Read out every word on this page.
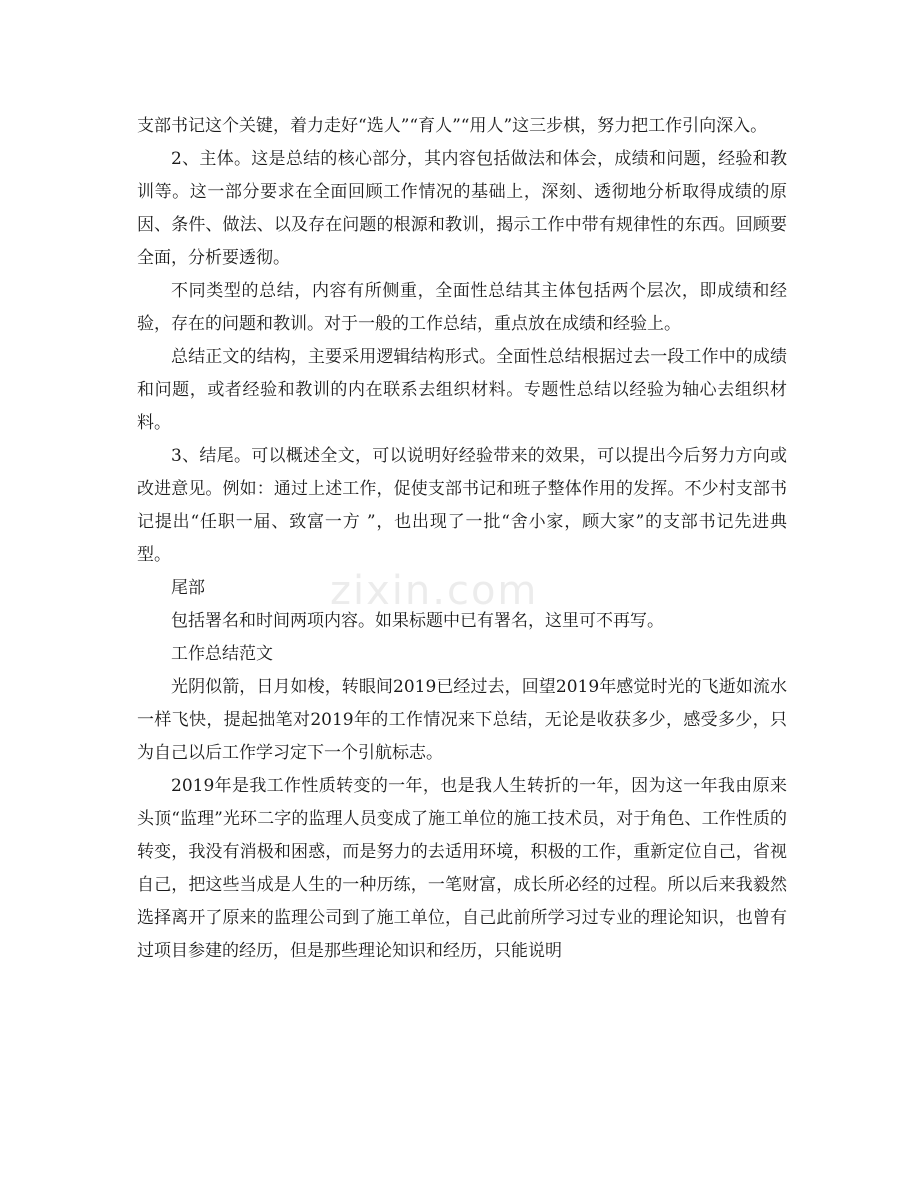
zixin.com

支部书记这个关键，着力走好“选人”“育人”“用人”这三步棋，努力把工作引向深入。

2、主体。这是总结的核心部分，其内容包括做法和体会，成绩和问题，经验和教训等。这一部分要求在全面回顾工作情况的基础上，深刻、透彻地分析取得成绩的原因、条件、做法、以及存在问题的根源和教训，揭示工作中带有规律性的东西。回顾要全面，分析要透彻。

不同类型的总结，内容有所侧重，全面性总结其主体包括两个层次，即成绩和经验，存在的问题和教训。对于一般的工作总结，重点放在成绩和经验上。

总结正文的结构，主要采用逻辑结构形式。全面性总结根据过去一段工作中的成绩和问题，或者经验和教训的内在联系去组织材料。专题性总结以经验为轴心去组织材料。

3、结尾。可以概述全文，可以说明好经验带来的效果，可以提出今后努力方向或改进意见。例如：通过上述工作，促使支部书记和班子整体作用的发挥。不少村支部书记提出“任职一届、致富一方 ”，也出现了一批“舍小家，顾大家”的支部书记先进典型。

尾部

包括署名和时间两项内容。如果标题中已有署名，这里可不再写。

工作总结范文

光阴似箭，日月如梭，转眼间2019已经过去，回望2019年感觉时光的飞逝如流水一样飞快，提起拙笔对2019年的工作情况来下总结，无论是收获多少，感受多少，只为自己以后工作学习定下一个引航标志。

2019年是我工作性质转变的一年，也是我人生转折的一年，因为这一年我由原来头顶“监理”光环二字的监理人员变成了施工单位的施工技术员，对于角色、工作性质的转变，我没有消极和困惑，而是努力的去适用环境，积极的工作，重新定位自己，省视自己，把这些当成是人生的一种历练，一笔财富，成长所必经的过程。所以后来我毅然选择离开了原来的监理公司到了施工单位，自己此前所学习过专业的理论知识，也曾有过项目参建的经历，但是那些理论知识和经历，只能说明
